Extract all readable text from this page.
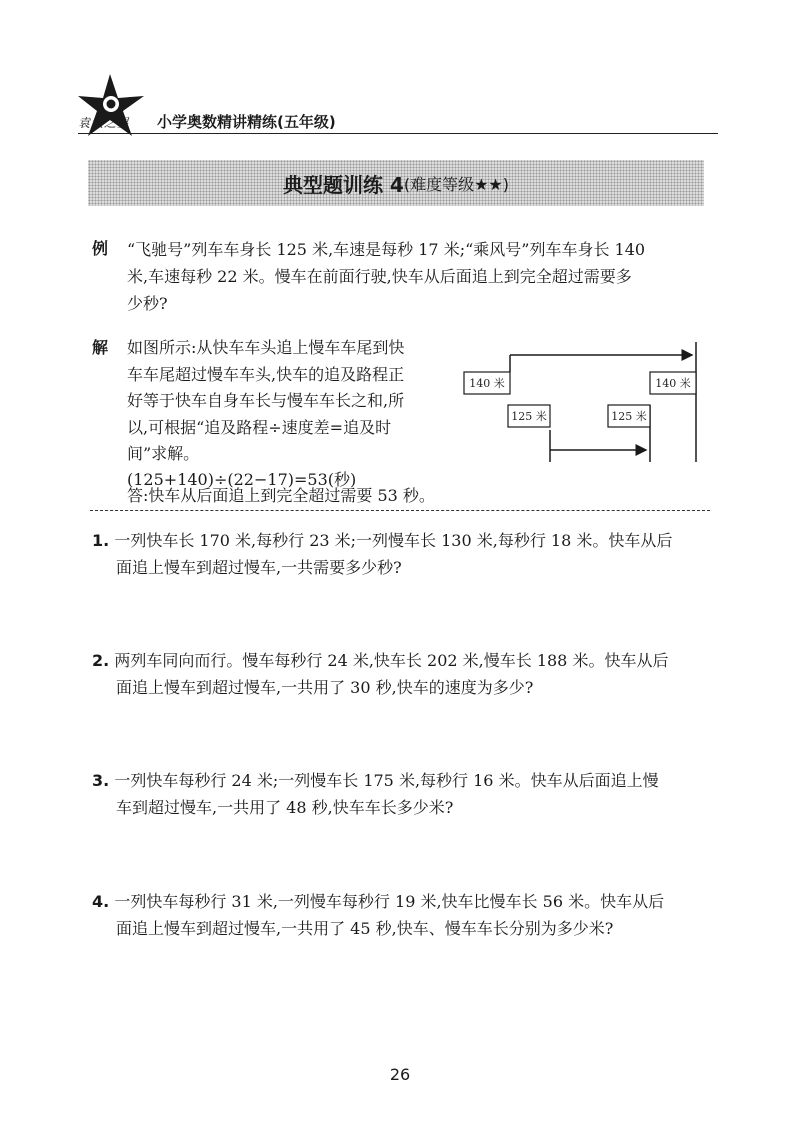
袁大之星 小学奥数精讲精练(五年级)
典型题训练 4 (难度等级★★)
例 “飞驰号”列车车身长 125 米,车速是每秒 17 米;“乘风号”列车车身长 140
米,车速每秒 22 米。慢车在前面行驶,快车从后面追上到完全超过需要多
少秒?
解 如图所示:从快车车头追上慢车车尾到快
车车尾超过慢车车头,快车的追及路程正
好等于快车自身车长与慢车车长之和,所
以,可根据“追及路程÷速度差=追及时
间”求解。
(125+140)÷(22−17)=53(秒)
答:快车从后面追上到完全超过需要 53 秒。
140 米	140 米
125 米	125 米
1. 一列快车长 170 米,每秒行 23 米;一列慢车长 130 米,每秒行 18 米。快车从后
面追上慢车到超过慢车,一共需要多少秒?
2. 两列车同向而行。慢车每秒行 24 米,快车长 202 米,慢车长 188 米。快车从后
面追上慢车到超过慢车,一共用了 30 秒,快车的速度为多少?
3. 一列快车每秒行 24 米;一列慢车长 175 米,每秒行 16 米。快车从后面追上慢
车到超过慢车,一共用了 48 秒,快车车长多少米?
4. 一列快车每秒行 31 米,一列慢车每秒行 19 米,快车比慢车长 56 米。快车从后
面追上慢车到超过慢车,一共用了 45 秒,快车、慢车车长分别为多少米?
26
